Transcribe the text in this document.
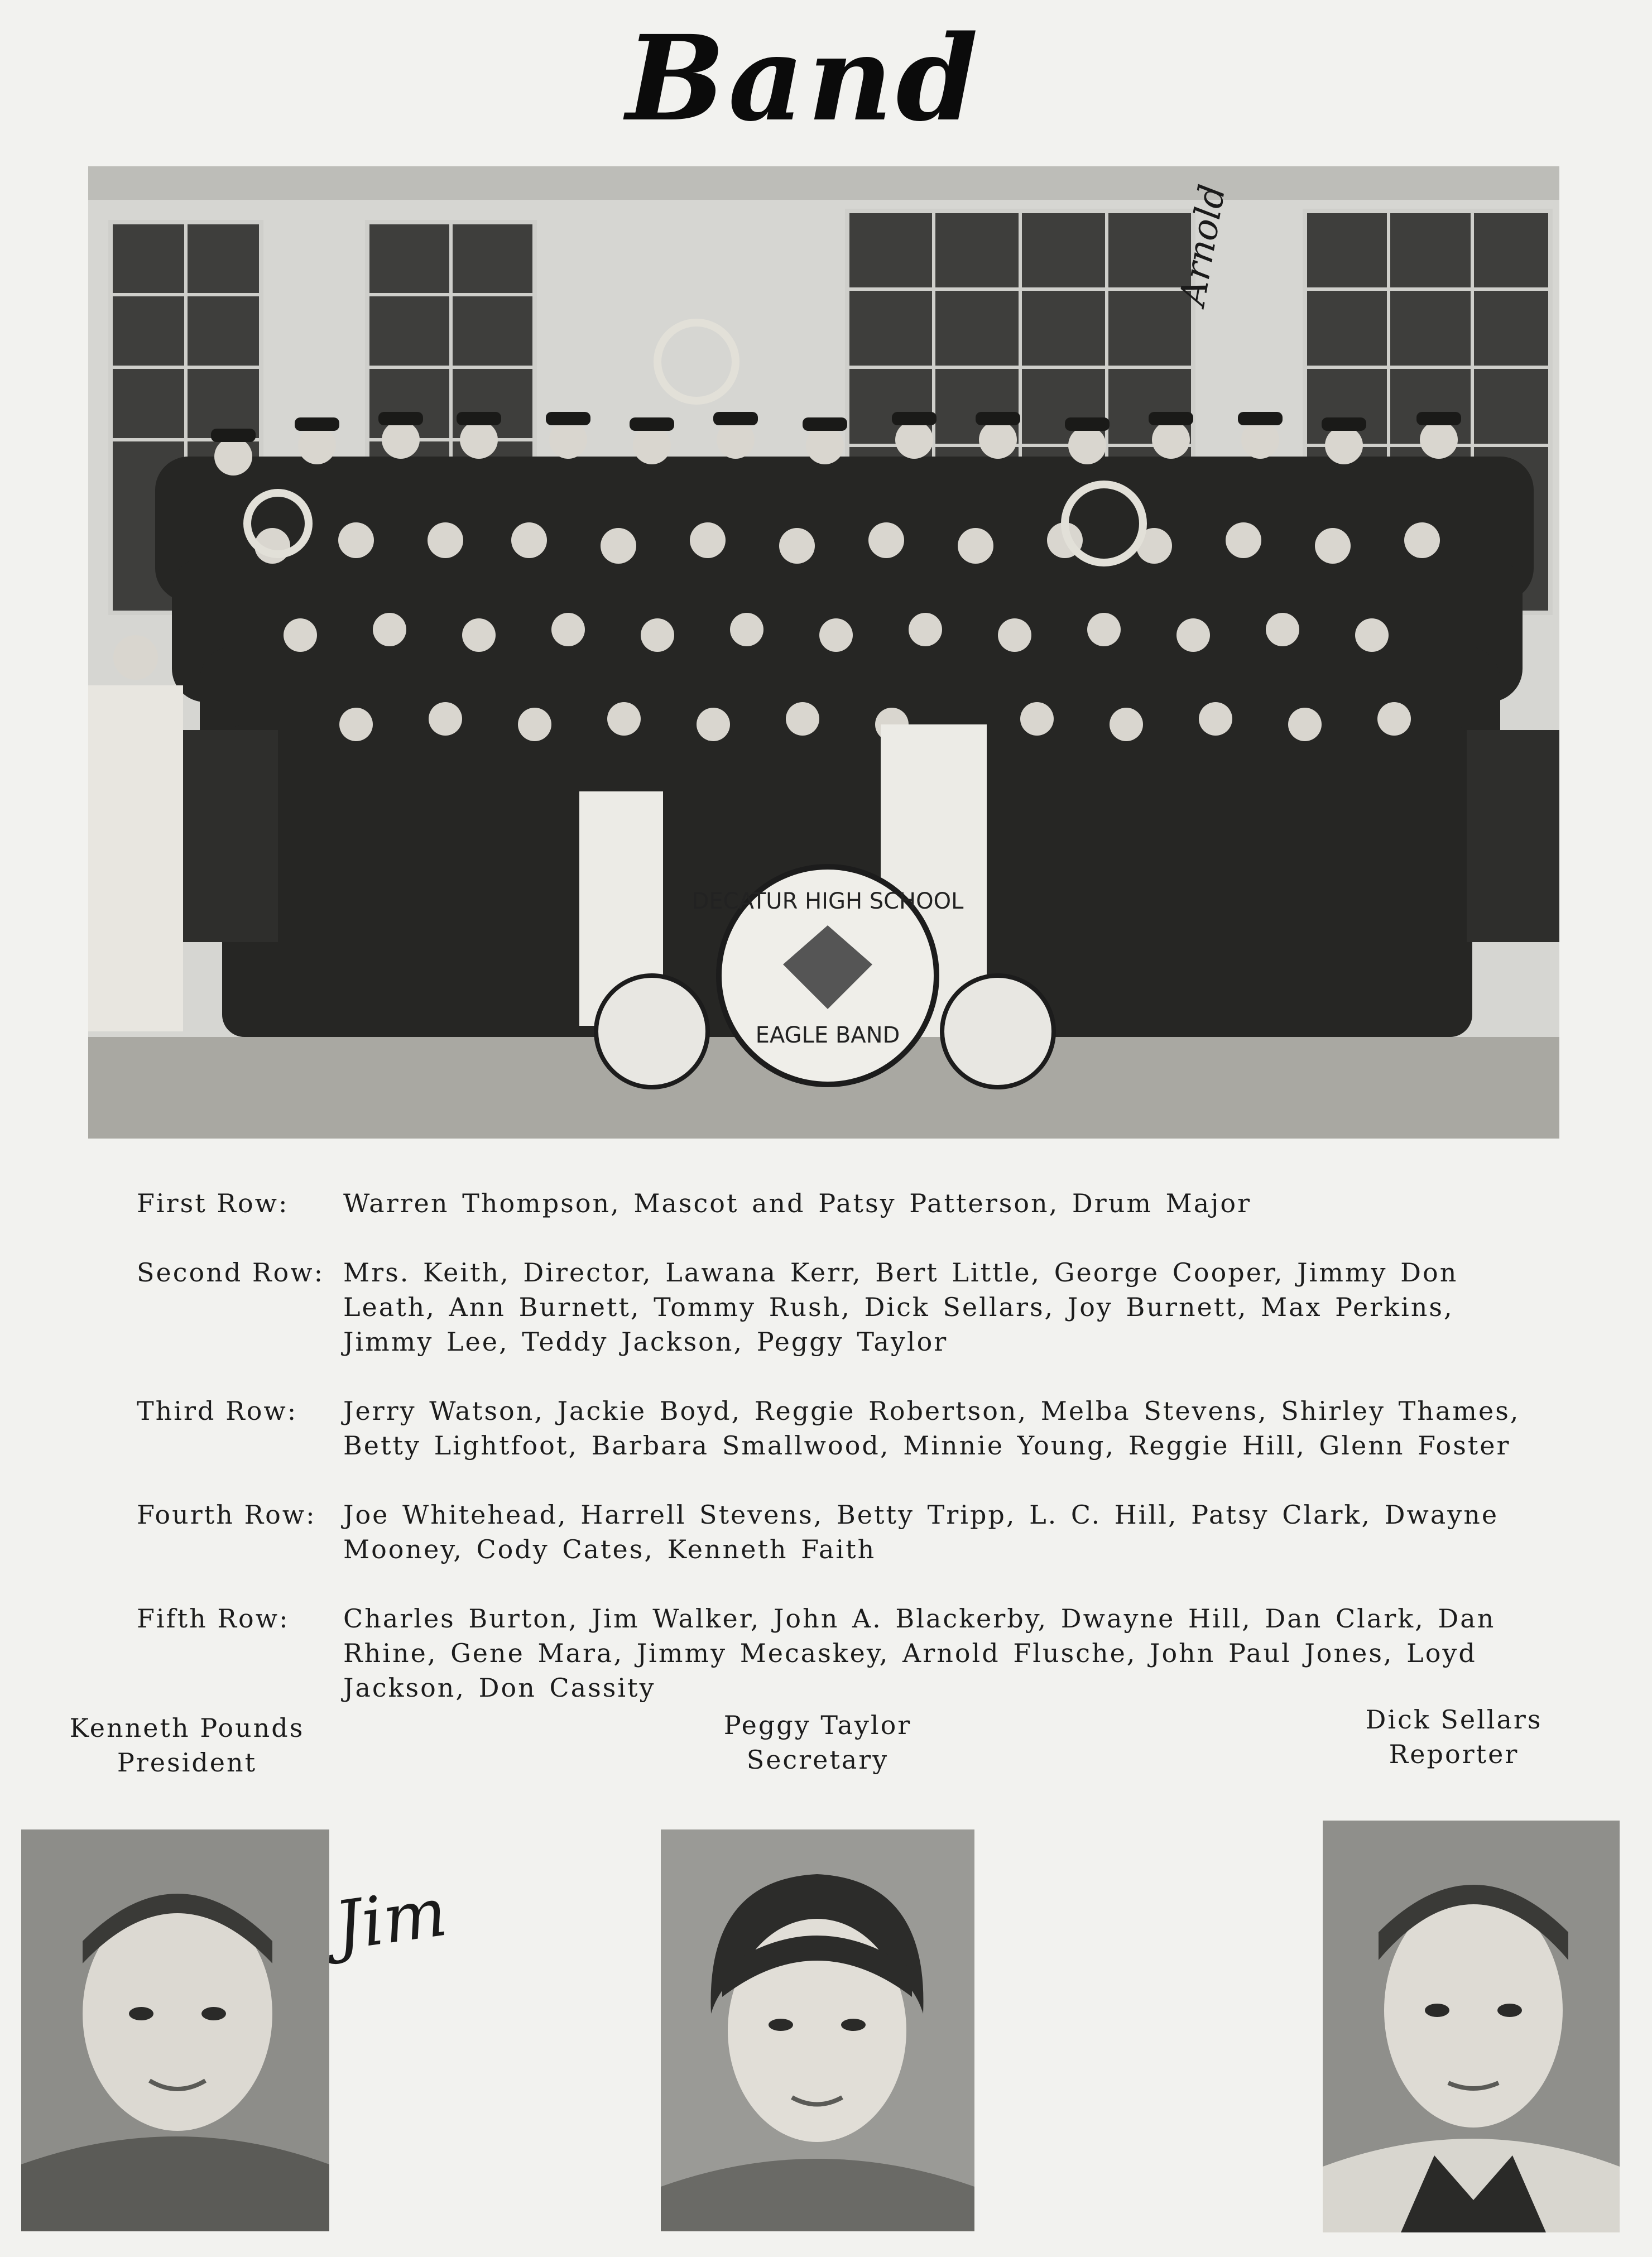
Band
DECATUR HIGH SCHOOL
EAGLE BAND
Arnold
First Row:	Warren Thompson, Mascot and Patsy Patterson, Drum Major
Second Row: Mrs. Keith, Director, Lawana Kerr, Bert Little, George Cooper, Jimmy Don Leath, Ann Burnett, Tommy Rush, Dick Sellars, Joy Burnett, Max Perkins, Jimmy Lee, Teddy Jackson, Peggy Taylor
Third Row:	Jerry Watson, Jackie Boyd, Reggie Robertson, Melba Stevens, Shirley Thames, Betty Lightfoot, Barbara Smallwood, Minnie Young, Reggie Hill, Glenn Foster
Fourth Row:	Joe Whitehead, Harrell Stevens, Betty Tripp, L. C. Hill, Patsy Clark, Dwayne Mooney, Cody Cates, Kenneth Faith
Fifth Row:	Charles Burton, Jim Walker, John A. Blackerby, Dwayne Hill, Dan Clark, Dan Rhine, Gene Mara, Jimmy Mecaskey, Arnold Flusche, John Paul Jones, Loyd Jackson, Don Cassity
Kenneth Pounds
President
Peggy Taylor
Secretary
Dick Sellars
Reporter
Jim
